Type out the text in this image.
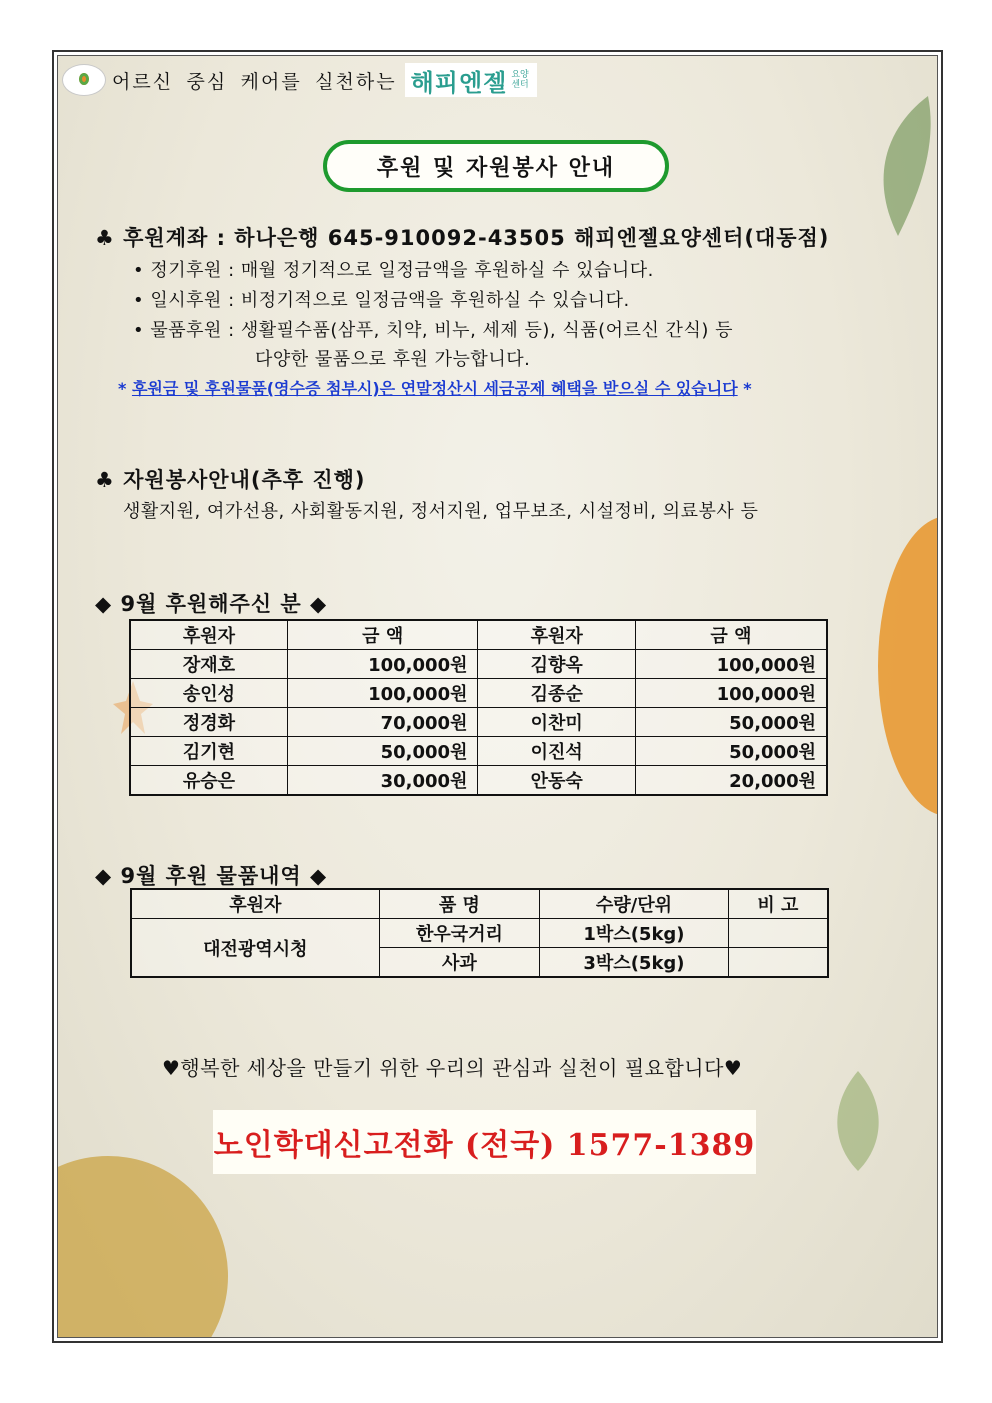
어르신 중심 케어를 실천하는 해피엔젤 요양센터
후원 및 자원봉사 안내
♣ 후원계좌 : 하나은행 645-910092-43505 해피엔젤요양센터(대동점)
• 정기후원 : 매월 정기적으로 일정금액을 후원하실 수 있습니다.
• 일시후원 : 비정기적으로 일정금액을 후원하실 수 있습니다.
• 물품후원 : 생활필수품(삼푸, 치약, 비누, 세제 등), 식품(어르신 간식) 등
다양한 물품으로 후원 가능합니다.
* 후원금 및 후원물품(영수증 첨부시)은 연말정산시 세금공제 혜택을 받으실 수 있습니다 *
♣ 자원봉사안내(추후 진행)
생활지원, 여가선용, 사회활동지원, 정서지원, 업무보조, 시설정비, 의료봉사 등
◆ 9월 후원해주신 분 ◆
후원자	금 액	후원자	금 액
장재호	100,000원	김향옥	100,000원
송인성	100,000원	김종순	100,000원
정경화	70,000원	이찬미	50,000원
김기현	50,000원	이진석	50,000원
유승은	30,000원	안동숙	20,000원
◆ 9월 후원 물품내역 ◆
후원자	품 명	수량/단위	비 고
대전광역시청	한우국거리	1박스(5kg)	
	사과	3박스(5kg)	
♥행복한 세상을 만들기 위한 우리의 관심과 실천이 필요합니다♥
노인학대신고전화 (전국) 1577-1389
